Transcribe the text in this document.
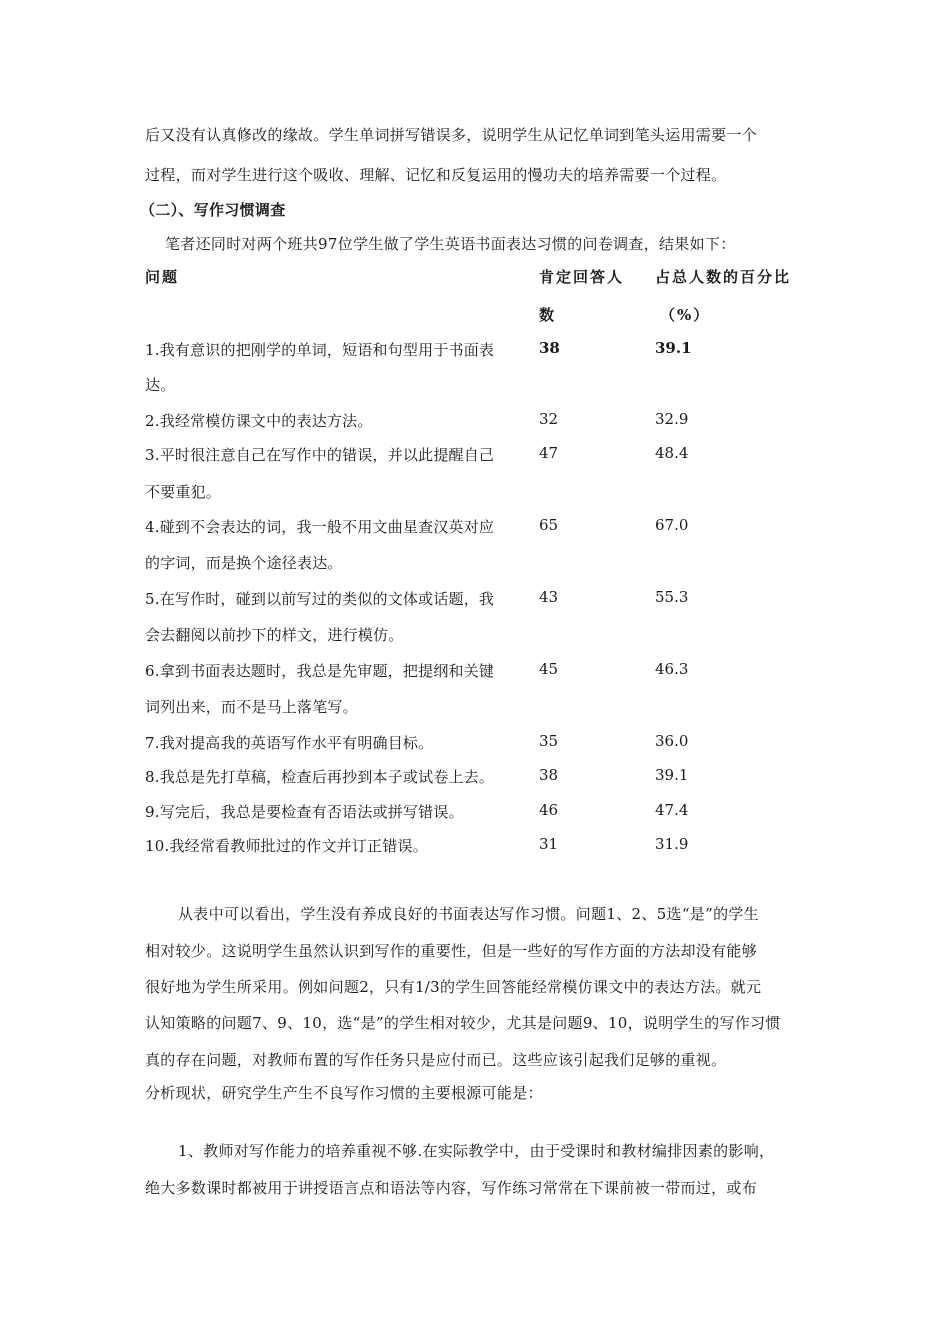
后又没有认真修改的缘故。学生单词拼写错误多，说明学生从记忆单词到笔头运用需要一个
过程，而对学生进行这个吸收、理解、记忆和反复运用的慢功夫的培养需要一个过程。
（二）、写作习惯调查
笔者还同时对两个班共97位学生做了学生英语书面表达习惯的问卷调查，结果如下：
问题	肯定回答人
数
占总人数的百分比
（%）
1.我有意识的把刚学的单词，短语和句型用于书面表
达。
38	39.1
2.我经常模仿课文中的表达方法。	32	32.9
3.平时很注意自己在写作中的错误，并以此提醒自己
不要重犯。
47	48.4
4.碰到不会表达的词，我一般不用文曲星查汉英对应
的字词，而是换个途径表达。
65	67.0
5.在写作时，碰到以前写过的类似的文体或话题，我
会去翻阅以前抄下的样文，进行模仿。
43	55.3
6.拿到书面表达题时，我总是先审题，把提纲和关键
词列出来，而不是马上落笔写。
45	46.3
7.我对提高我的英语写作水平有明确目标。	35	36.0
8.我总是先打草稿，检查后再抄到本子或试卷上去。	38	39.1
9.写完后，我总是要检查有否语法或拼写错误。	46	47.4
10.我经常看教师批过的作文并订正错误。	31	31.9
从表中可以看出，学生没有养成良好的书面表达写作习惯。问题1、2、5选“是”的学生
相对较少。这说明学生虽然认识到写作的重要性，但是一些好的写作方面的方法却没有能够
很好地为学生所采用。例如问题2，只有1/3的学生回答能经常模仿课文中的表达方法。就元
认知策略的问题7、9、10，选“是”的学生相对较少，尤其是问题9、10，说明学生的写作习惯
真的存在问题，对教师布置的写作任务只是应付而已。这些应该引起我们足够的重视。
分析现状，研究学生产生不良写作习惯的主要根源可能是：
1、教师对写作能力的培养重视不够.在实际教学中，由于受课时和教材编排因素的影响，
绝大多数课时都被用于讲授语言点和语法等内容，写作练习常常在下课前被一带而过，或布
